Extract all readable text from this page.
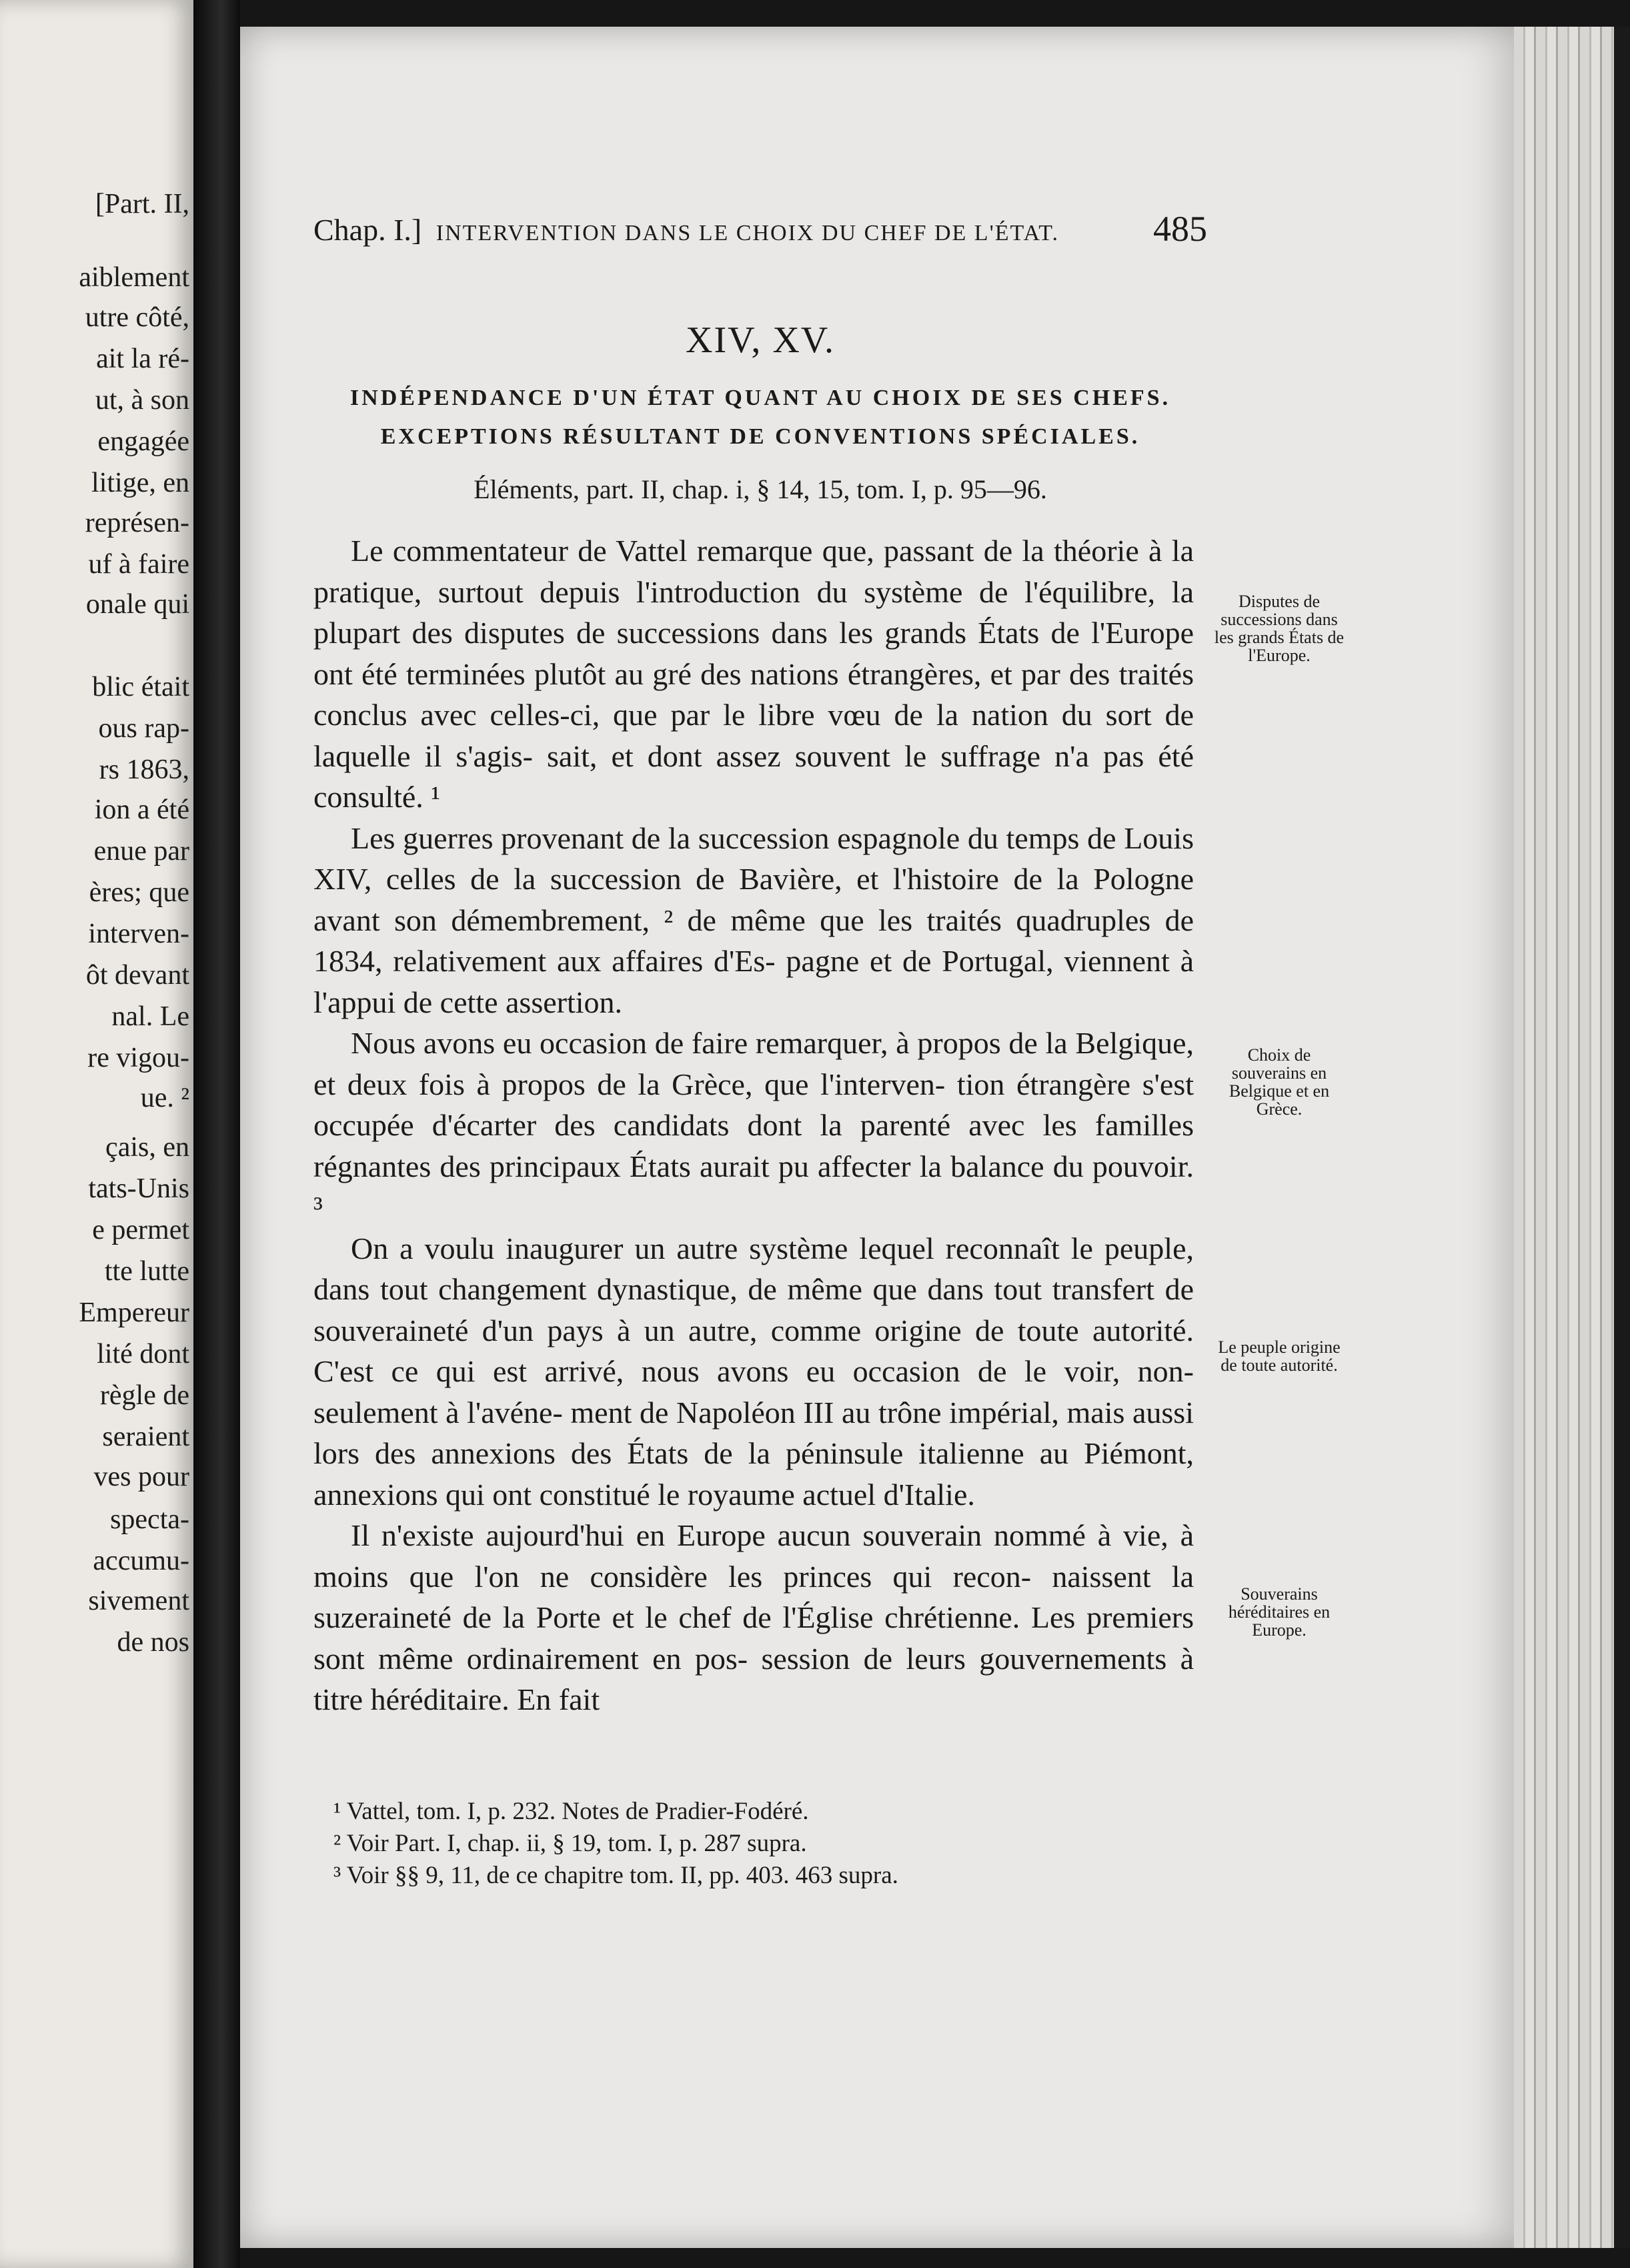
[Part. II,
aiblement
utre côté,
ait la ré-
ut, à son
engagée
litige, en
représen-
uf à faire
onale qui
blic était
ous rap-
rs 1863,
ion a été
enue par
ères; que
interven-
ôt devant
nal. Le
re vigou-
ue. ²
çais, en
tats-Unis
e permet
tte lutte
Empereur
lité dont
règle de
seraient
ves pour
specta-
accumu-
sivement
de nos
Chap. I.] INTERVENTION DANS LE CHOIX DU CHEF DE L'ÉTAT.	485
XIV, XV.
INDÉPENDANCE D'UN ÉTAT QUANT AU CHOIX DE SES CHEFS.
EXCEPTIONS RÉSULTANT DE CONVENTIONS SPÉCIALES.
Éléments, part. II, chap. i, § 14, 15, tom. I, p. 95—96.

Le commentateur de Vattel remarque que, passant de la théorie à la pratique, surtout depuis l'introduction du système de l'équilibre, la plupart des disputes de successions dans les grands États de l'Europe ont été terminées plutôt au gré des nations étrangères, et par des traités conclus avec celles-ci, que par le libre vœu de la nation du sort de laquelle il s'agis- sait, et dont assez souvent le suffrage n'a pas été consulté. ¹

Les guerres provenant de la succession espagnole du temps de Louis XIV, celles de la succession de Bavière, et l'histoire de la Pologne avant son démembrement, ² de même que les traités quadruples de 1834, relativement aux affaires d'Es- pagne et de Portugal, viennent à l'appui de cette assertion.

Nous avons eu occasion de faire remarquer, à propos de la Belgique, et deux fois à propos de la Grèce, que l'interven- tion étrangère s'est occupée d'écarter des candidats dont la parenté avec les familles régnantes des principaux États aurait pu affecter la balance du pouvoir. ³

On a voulu inaugurer un autre système lequel reconnaît le peuple, dans tout changement dynastique, de même que dans tout transfert de souveraineté d'un pays à un autre, comme origine de toute autorité. C'est ce qui est arrivé, nous avons eu occasion de le voir, non-seulement à l'avéne- ment de Napoléon III au trône impérial, mais aussi lors des annexions des États de la péninsule italienne au Piémont, annexions qui ont constitué le royaume actuel d'Italie.

Il n'existe aujourd'hui en Europe aucun souverain nommé à vie, à moins que l'on ne considère les princes qui recon- naissent la suzeraineté de la Porte et le chef de l'Église chrétienne. Les premiers sont même ordinairement en pos- session de leurs gouvernements à titre héréditaire. En fait

Disputes de successions dans les grands États de l'Europe.
Choix de souverains en Belgique et en Grèce.
Le peuple origine de toute autorité.
Souverains héréditaires en Europe.
¹ Vattel, tom. I, p. 232. Notes de Pradier-Fodéré.
² Voir Part. I, chap. ii, § 19, tom. I, p. 287 supra.
³ Voir §§ 9, 11, de ce chapitre tom. II, pp. 403. 463 supra.
